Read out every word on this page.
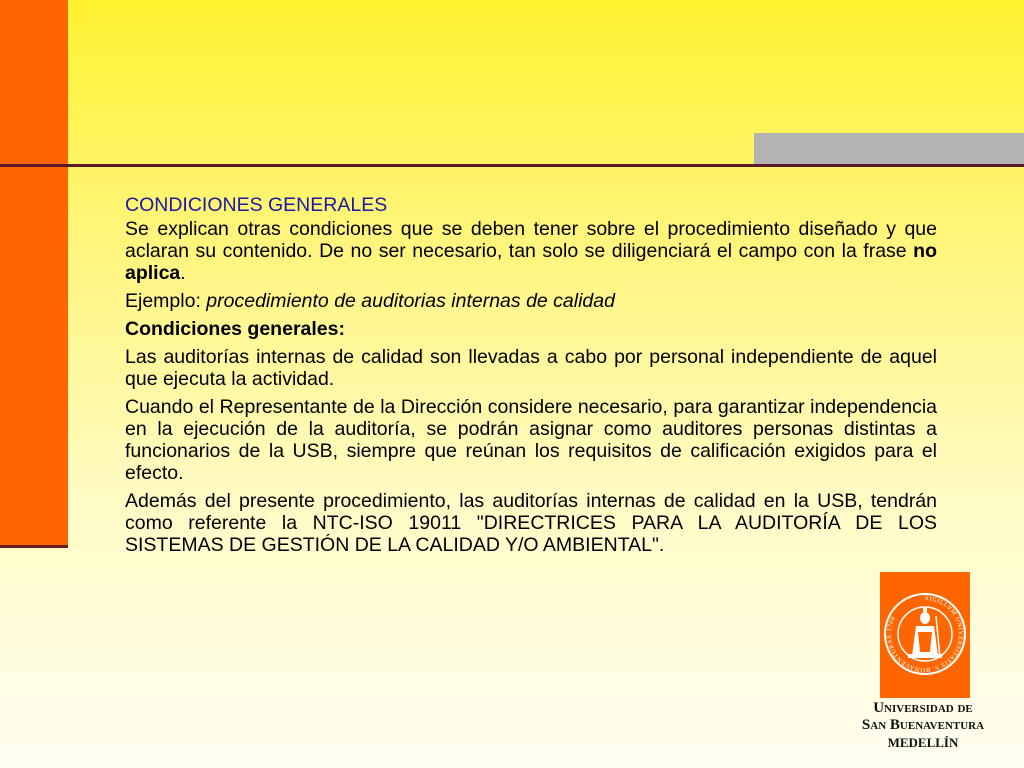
CONDICIONES GENERALES

Se explican otras condiciones que se deben tener sobre el procedimiento diseñado y que aclaran su contenido. De no ser necesario, tan solo se diligenciará el campo con la frase no aplica.

Ejemplo: procedimiento de auditorias internas de calidad

Condiciones generales:

Las auditorías internas de calidad son llevadas a cabo por personal independiente de aquel que ejecuta la actividad.

Cuando el Representante de la Dirección considere necesario, para garantizar independencia en la ejecución de la auditoría, se podrán asignar como auditores personas distintas a funcionarios de la USB, siempre que reúnan los requisitos de calificación exigidos para el efecto.

Además del presente procedimiento, las auditorías internas de calidad en la USB, tendrán como referente la NTC-ISO 19011 "DIRECTRICES PARA LA AUDITORÍA DE LOS SISTEMAS DE GESTIÓN DE LA CALIDAD Y/O AMBIENTAL".

SIGILLVM UNIVERSITATIS S. BONAVENTURAE 1708
Universidad de
San Buenaventura
MEDELLÍN
